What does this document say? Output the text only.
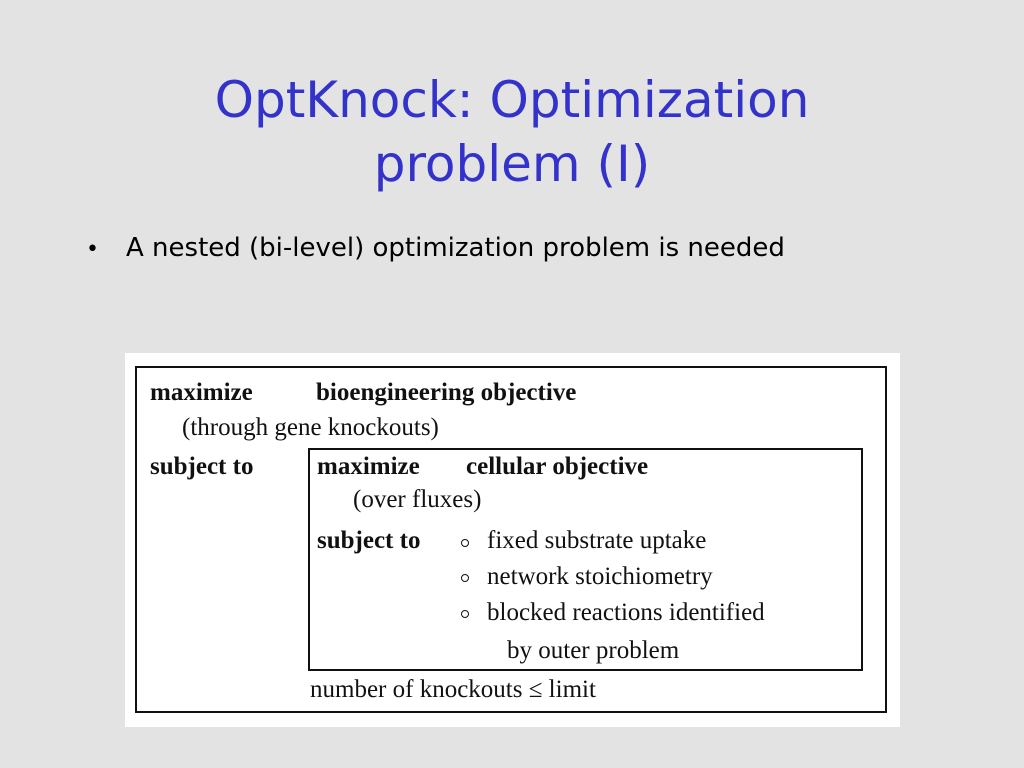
OptKnock: Optimization
problem (I)
•	A nested (bi-level) optimization problem is needed
maximize	bioengineering objective
(through gene knockouts)
subject to	maximize cellular objective
(over fluxes)
subject to	fixed substrate uptake
network stoichiometry
blocked reactions identified
by outer problem
number of knockouts ≤ limit
